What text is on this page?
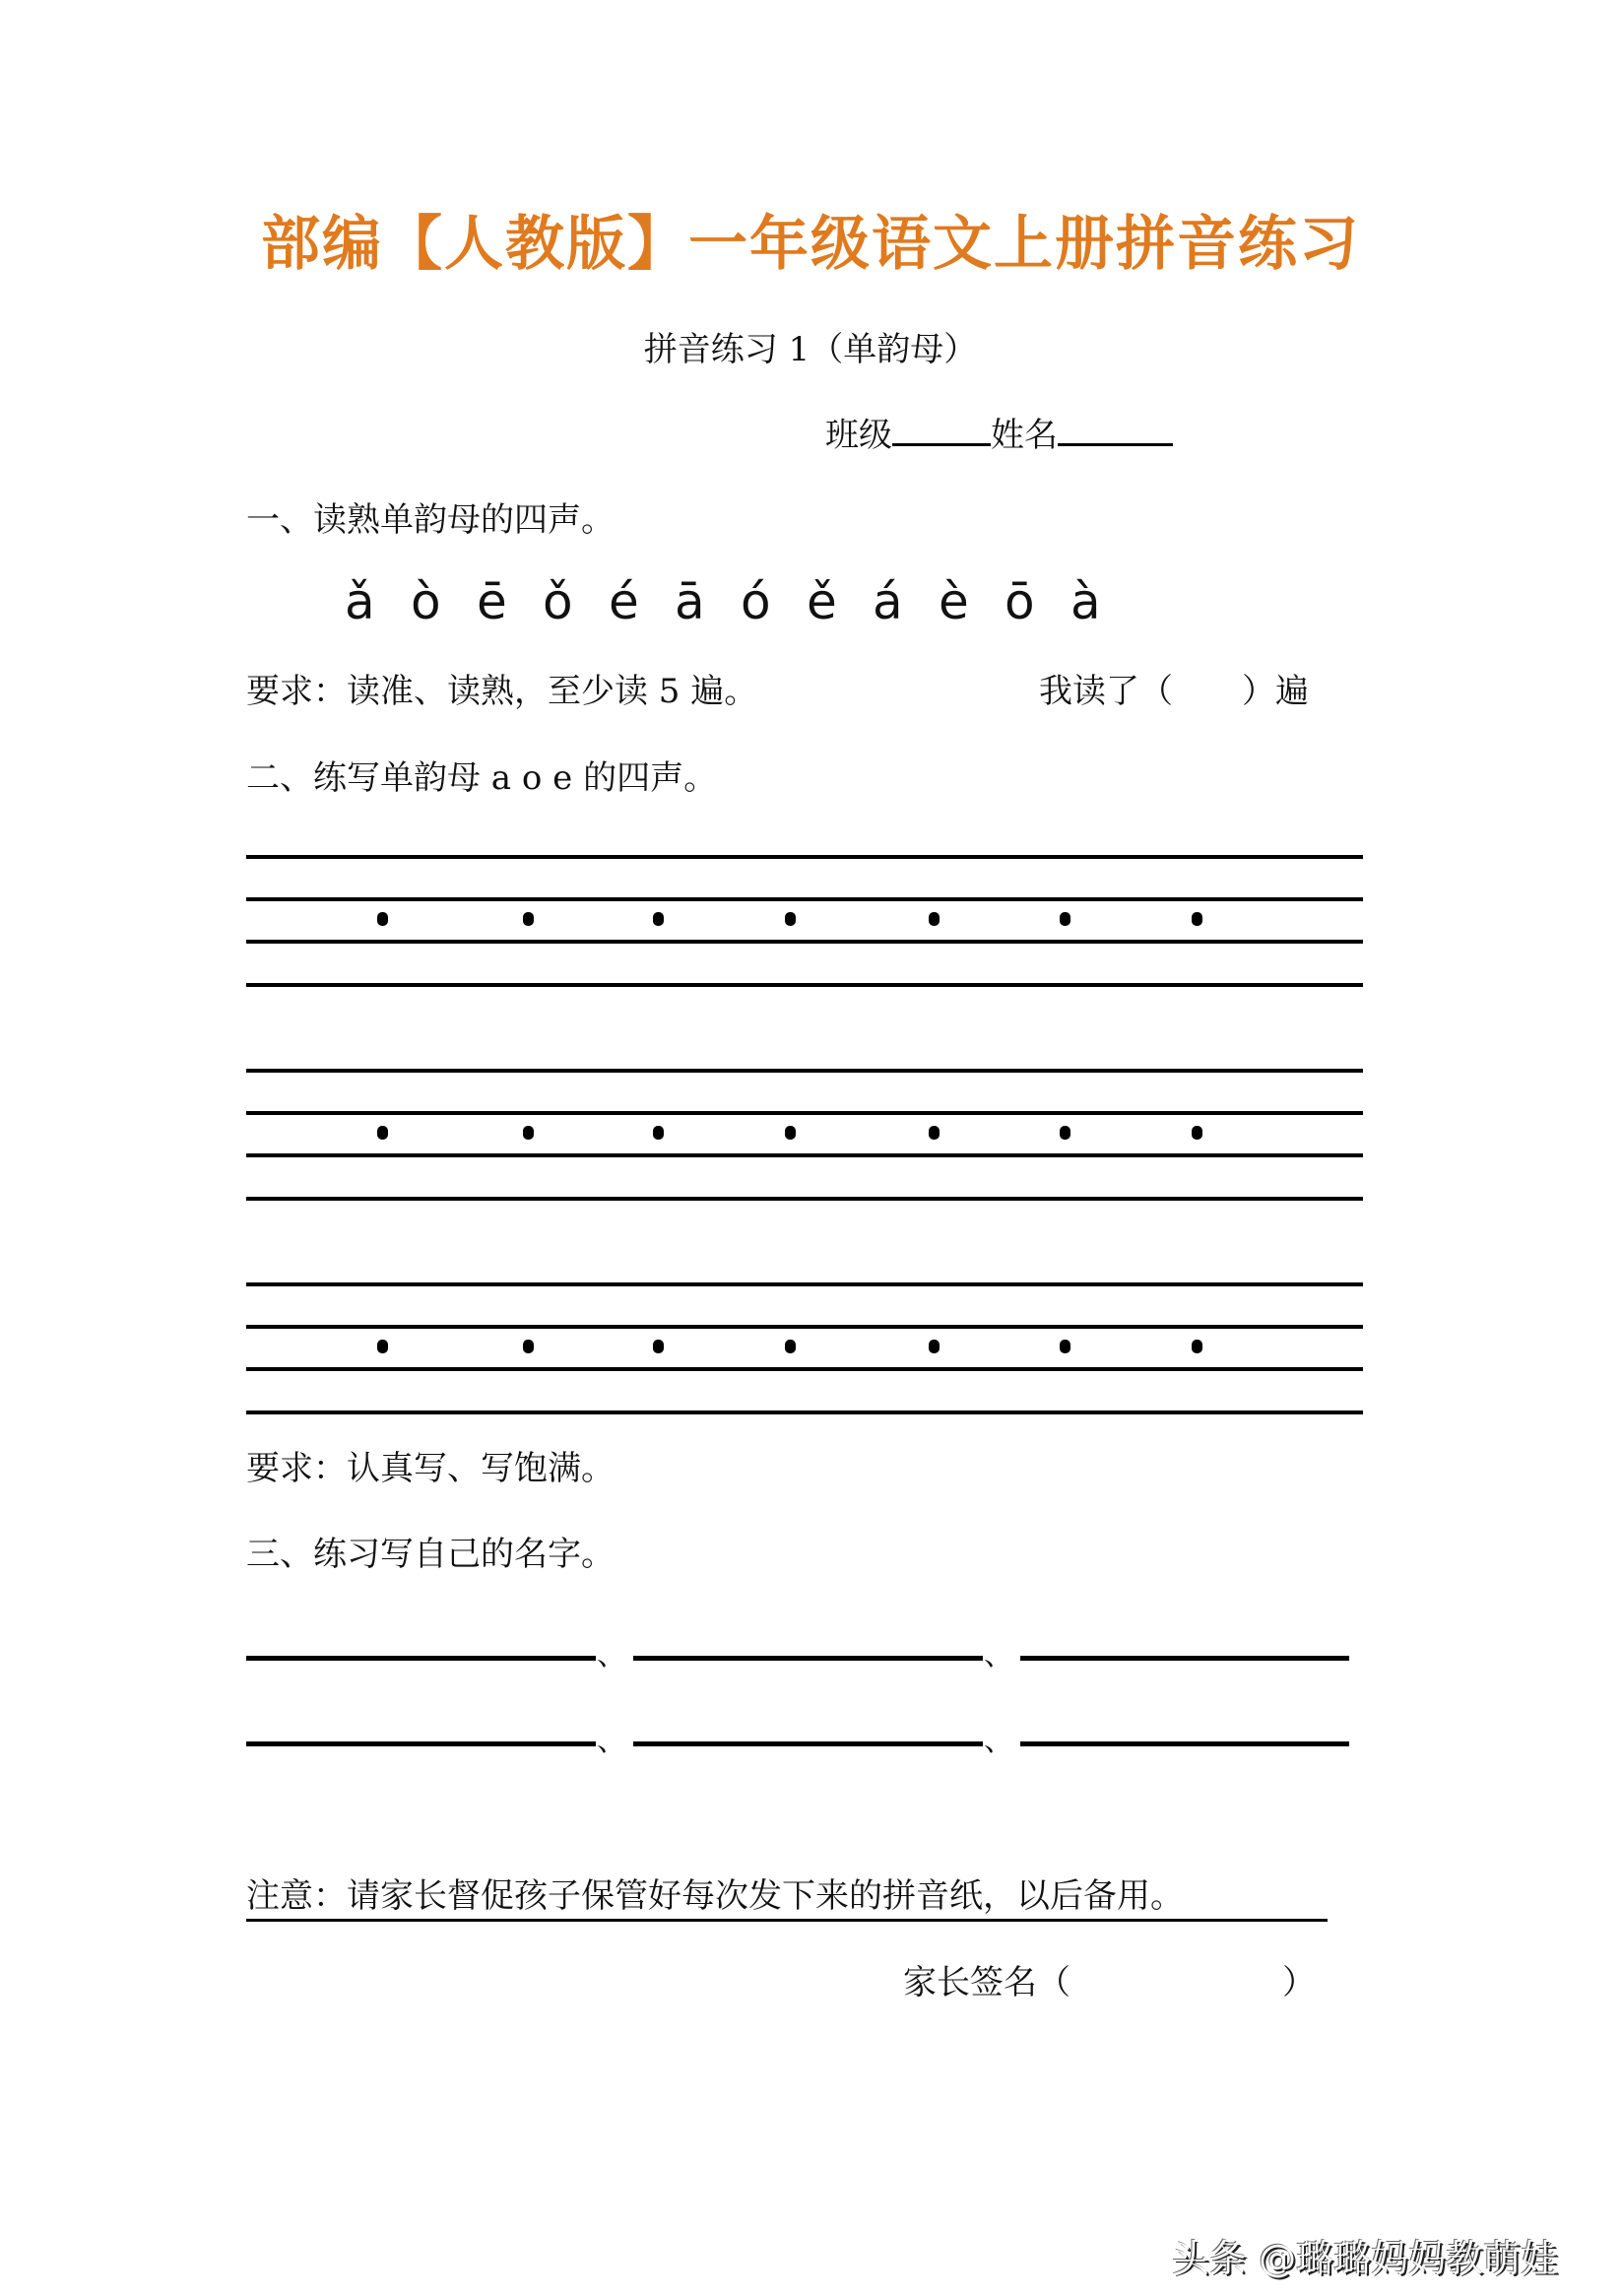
部编【人教版】一年级语文上册拼音练习
拼音练习 1（单韵母）
班级	姓名
一、读熟单韵母的四声。
ǎ ò ē ǒ é ā ó ě á è ō à
要求：读准、读熟，至少读 5 遍。	我读了（ ）遍
二、练写单韵母 a o e 的四声。
要求：认真写、写饱满。
三、练习写自己的名字。
、	、
、	、
注意：请家长督促孩子保管好每次发下来的拼音纸，以后备用。
家长签名（	）
头条 @璐璐妈妈教萌娃
